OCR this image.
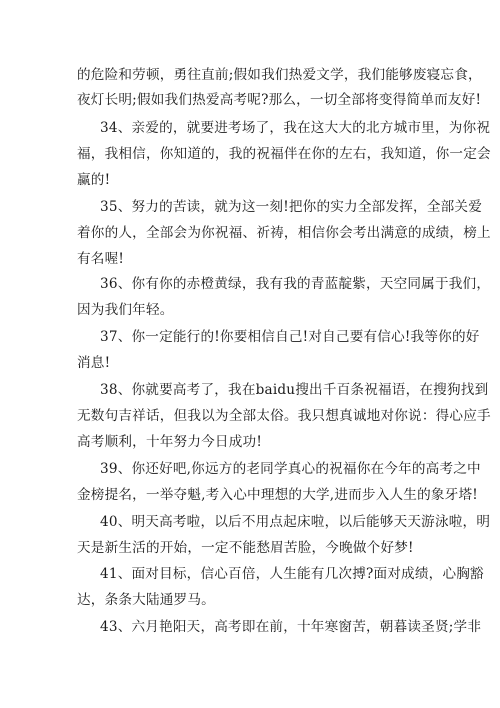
的危险和劳顿，勇往直前;假如我们热爱文学，我们能够废寝忘食，
夜灯长明;假如我们热爱高考呢?那么，一切全部将变得简单而友好!
34、亲爱的，就要进考场了，我在这大大的北方城市里，为你祝
福，我相信，你知道的，我的祝福伴在你的左右，我知道，你一定会
赢的!
35、努力的苦读，就为这一刻!把你的实力全部发挥，全部关爱
着你的人，全部会为你祝福、祈祷，相信你会考出满意的成绩，榜上
有名喔!
36、你有你的赤橙黄绿，我有我的青蓝靛紫，天空同属于我们，
因为我们年轻。
37、你一定能行的!你要相信自己!对自己要有信心!我等你的好
消息!
38、你就要高考了，我在baidu搜出千百条祝福语，在搜狗找到
无数句吉祥话，但我以为全部太俗。我只想真诚地对你说：得心应手
高考顺利，十年努力今日成功!
39、你还好吧,你远方的老同学真心的祝福你在今年的高考之中
金榜提名，一举夺魁,考入心中理想的大学,进而步入人生的象牙塔!
40、明天高考啦，以后不用点起床啦，以后能够天天游泳啦，明
天是新生活的开始，一定不能愁眉苦脸，今晚做个好梦!
41、面对目标，信心百倍，人生能有几次搏?面对成绩，心胸豁
达，条条大陆通罗马。
43、六月艳阳天，高考即在前，十年寒窗苦，朝暮读圣贤;学非
